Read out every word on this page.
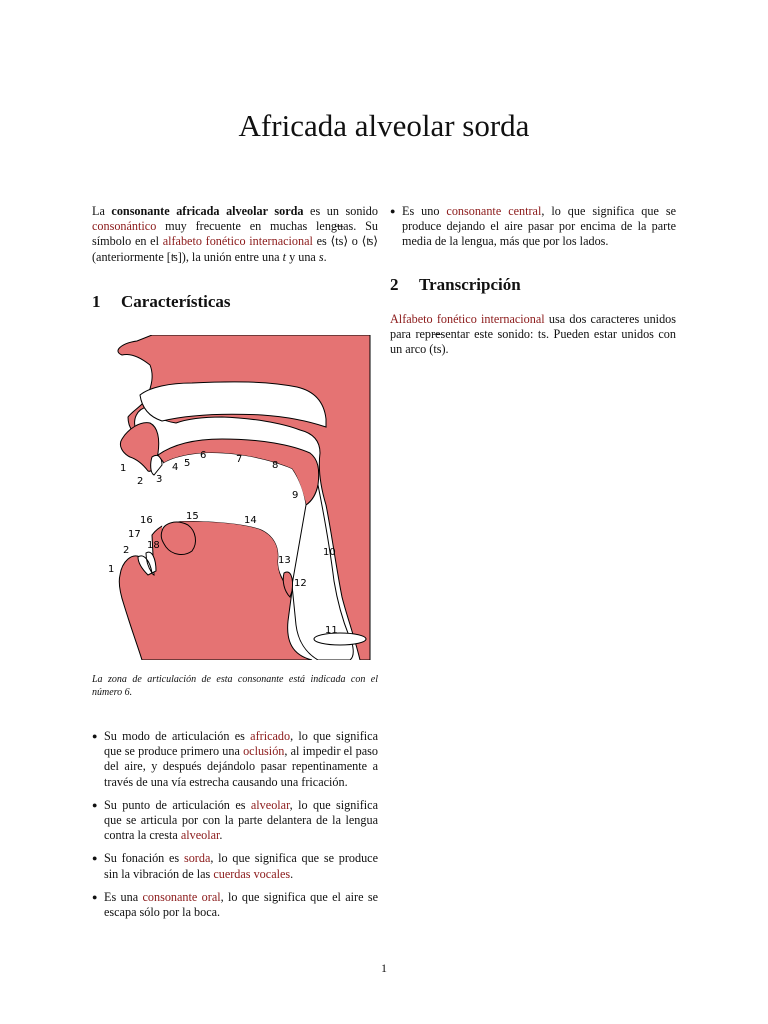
Africada alveolar sorda

La consonante africada alveolar sorda es un sonido consonántico muy frecuente en muchas lenguas. Su símbolo en el alfabeto fonético internacional es ⟨⁀ ts⟩ o ⟨ʦ⟩ (anteriormente [ʦ]), la unión entre una t y una s.

1 Características
1
2 3
4 5
6	7
8
9
10
11
12
13
14
15
16
17
18
1
2

La zona de articulación de esta consonante está indicada con el número 6.

● Su modo de articulación es africado, lo que significa que se produce primero una oclusión, al impedir el paso del aire, y después dejándolo pasar repentinamente a través de una vía estrecha causando una fricación.
● Su punto de articulación es alveolar, lo que significa que se articula por con la parte delantera de la lengua contra la cresta alveolar.
● Su fonación es sorda, lo que significa que se produce sin la vibración de las cuerdas vocales.
● Es una consonante oral, lo que significa que el aire se escapa sólo por la boca.
● Es uno consonante central, lo que significa que se produce dejando el aire pasar por encima de la parte media de la lengua, más que por los lados.
2 Transcripción

Alfabeto fonético internacional usa dos caracteres unidos para representar este sonido: ts. Pueden estar unidos con un arco (⁀ ts).

1
